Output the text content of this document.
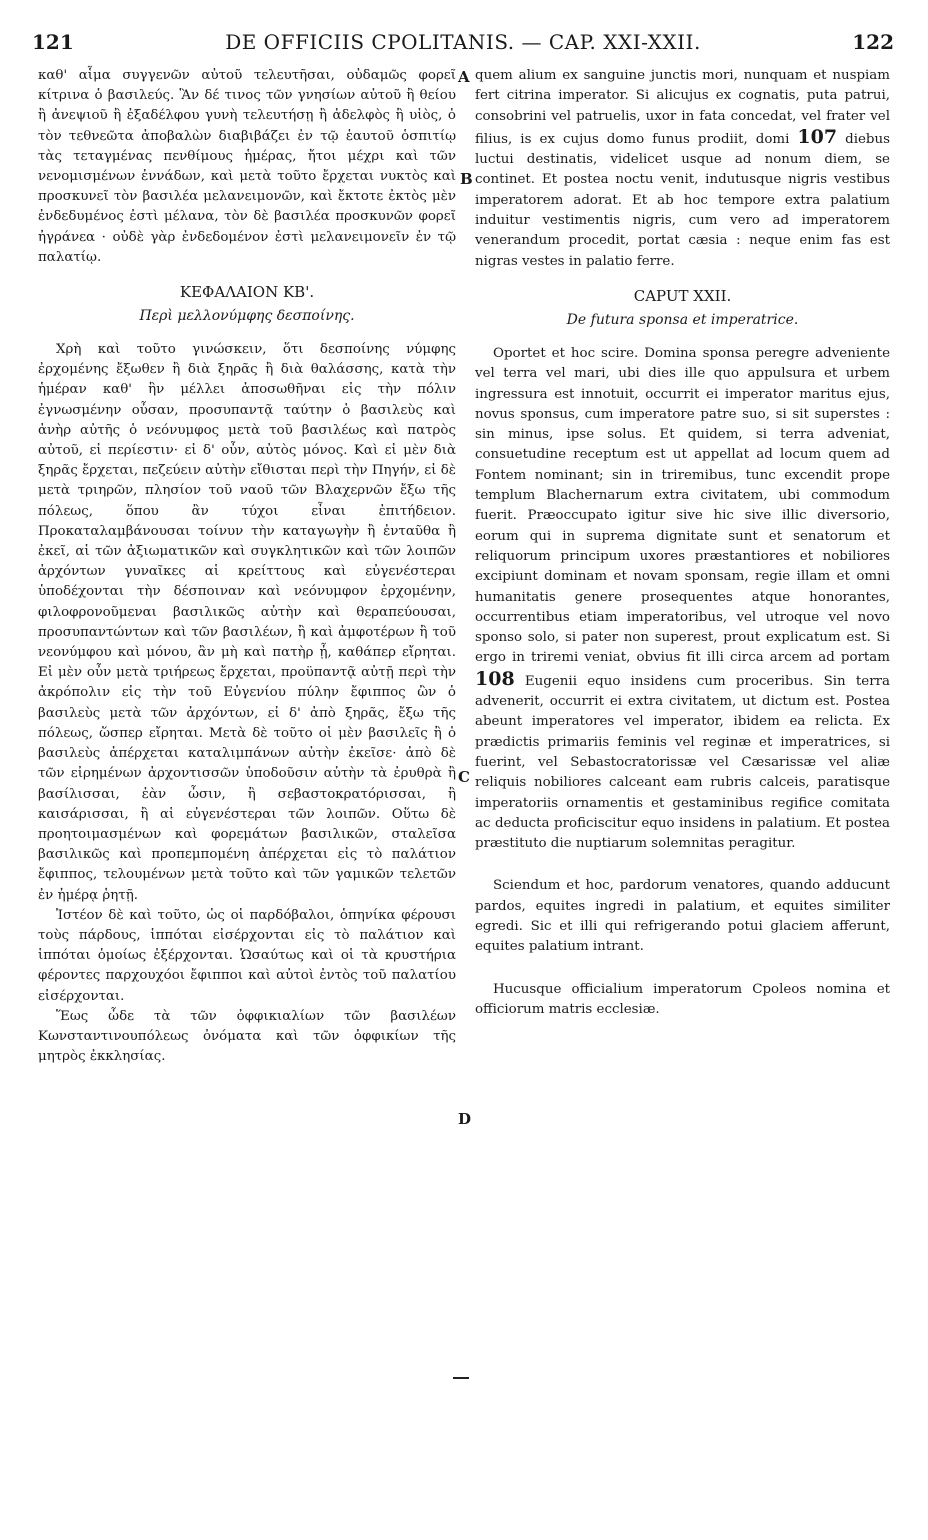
121	DE OFFICIIS CPOLITANIS. — CAP. XXI-XXII.	122

καθ' αἷμα συγγενῶν αὐτοῦ τελευτῆσαι, οὐδαμῶς φορεῖ κίτρινα ὁ βασιλεύς. Ἂν δέ τινος τῶν γνησίων αὐτοῦ ἢ θείου ἢ ἀνεψιοῦ ἢ ἐξαδέλφου γυνὴ τελευτήσῃ ἢ ἀδελφὸς ἢ υἱὸς, ὁ τὸν τεθνεῶτα ἀποβαλὼν διαβιβάζει ἐν τῷ ἑαυτοῦ ὁσπιτίῳ τὰς τεταγμένας πενθίμους ἡμέρας, ἤτοι μέχρι καὶ τῶν νενομισμένων ἐννάδων, καὶ μετὰ τοῦτο ἔρχεται νυκτὸς καὶ προσκυνεῖ τὸν βασιλέα μελανειμονῶν, καὶ ἔκτοτε ἐκτὸς μὲν ἐνδεδυμένος ἐστὶ μέλανα, τὸν δὲ βασιλέα προσκυνῶν φορεῖ ἠγράνεα · οὐδὲ γὰρ ἐνδεδομένον ἐστὶ μελανειμονεῖν ἐν τῷ παλατίῳ.

ΚΕΦΑΛΑΙΟΝ ΚΒ'.
Περὶ μελλονύμφης δεσποίνης.

Χρὴ καὶ τοῦτο γινώσκειν, ὅτι δεσποίνης νύμφης ἐρχομένης ἔξωθεν ἢ διὰ ξηρᾶς ἢ διὰ θαλάσσης, κατὰ τὴν ἡμέραν καθ' ἣν μέλλει ἀποσωθῆναι εἰς τὴν πόλιν ἐγνωσμένην οὖσαν, προσυπαντᾷ ταύτην ὁ βασιλεὺς καὶ ἀνὴρ αὐτῆς ὁ νεόνυμφος μετὰ τοῦ βασιλέως καὶ πατρὸς αὐτοῦ, εἰ περίεστιν· εἰ δ' οὖν, αὐτὸς μόνος. Καὶ εἰ μὲν διὰ ξηρᾶς ἔρχεται, πεζεύειν αὐτὴν εἴθισται περὶ τὴν Πηγήν, εἰ δὲ μετὰ τριηρῶν, πλησίον τοῦ ναοῦ τῶν Βλαχερνῶν ἔξω τῆς πόλεως, ὅπου ἂν τύχοι εἶναι ἐπιτήδειον. Προκαταλαμβάνουσαι τοίνυν τὴν καταγωγὴν ἢ ἐνταῦθα ἢ ἐκεῖ, αἱ τῶν ἀξιωματικῶν καὶ συγκλητικῶν καὶ τῶν λοιπῶν ἀρχόντων γυναῖκες αἱ κρείττους καὶ εὐγενέστεραι ὑποδέχονται τὴν δέσποιναν καὶ νεόνυμφον ἐρχομένην, φιλοφρονοῦμεναι βασιλικῶς αὐτὴν καὶ θεραπεύουσαι, προσυπαντώντων καὶ τῶν βασιλέων, ἢ καὶ ἀμφοτέρων ἢ τοῦ νεονύμφου καὶ μόνου, ἂν μὴ καὶ πατὴρ ᾖ, καθάπερ εἴρηται. Εἰ μὲν οὖν μετὰ τριήρεως ἔρχεται, προϋπαντᾷ αὐτῇ περὶ τὴν ἀκρόπολιν εἰς τὴν τοῦ Εὐγενίου πύλην ἔφιππος ὢν ὁ βασιλεὺς μετὰ τῶν ἀρχόντων, εἰ δ' ἀπὸ ξηρᾶς, ἔξω τῆς πόλεως, ὥσπερ εἴρηται. Μετὰ δὲ τοῦτο οἱ μὲν βασιλεῖς ἢ ὁ βασιλεὺς ἀπέρχεται καταλιμπάνων αὐτὴν ἐκεῖσε· ἀπὸ δὲ τῶν εἰρημένων ἀρχοντισσῶν ὑποδοῦσιν αὐτὴν τὰ ἐρυθρὰ ἢ βασίλισσαι, ἐὰν ὦσιν, ἢ σεβαστοκρατόρισσαι, ἢ καισάρισσαι, ἢ αἱ εὐγενέστεραι τῶν λοιπῶν. Οὕτω δὲ προητοιμασμένων καὶ φορεμάτων βασιλικῶν, σταλεῖσα βασιλικῶς καὶ προπεμπομένη ἀπέρχεται εἰς τὸ παλάτιον ἔφιππος, τελουμένων μετὰ τοῦτο καὶ τῶν γαμικῶν τελετῶν ἐν ἡμέρᾳ ῥητῇ.

Ἰστέον δὲ καὶ τοῦτο, ὡς οἱ παρδόβαλοι, ὁπηνίκα φέρουσι τοὺς πάρδους, ἱππόται εἰσέρχονται εἰς τὸ παλάτιον καὶ ἱππόται ὁμοίως ἐξέρχονται. Ὡσαύτως καὶ οἱ τὰ κρυστήρια φέροντες παρχουχόοι ἔφιπποι καὶ αὐτοὶ ἐντὸς τοῦ παλατίου εἰσέρχονται.

Ἕως ὧδε τὰ τῶν ὀφφικιαλίων τῶν βασιλέων Κωνσταντινουπόλεως ὀνόματα καὶ τῶν ὀφφικίων τῆς μητρὸς ἐκκλησίας.

A
B
C
D

quem alium ex sanguine junctis mori, nunquam et nuspiam fert citrina imperator. Si alicujus ex cognatis, puta patrui, consobrini vel patruelis, uxor in fata concedat, vel frater vel filius, is ex cujus domo funus prodiit, domi 107 diebus luctui destinatis, videlicet usque ad nonum diem, se continet. Et postea noctu venit, indutusque nigris vestibus imperatorem adorat. Et ab hoc tempore extra palatium induitur vestimentis nigris, cum vero ad imperatorem venerandum procedit, portat cæsia : neque enim fas est nigras vestes in palatio ferre.

CAPUT XXII.
De futura sponsa et imperatrice.

Oportet et hoc scire. Domina sponsa peregre adveniente vel terra vel mari, ubi dies ille quo appulsura et urbem ingressura est innotuit, occurrit ei imperator maritus ejus, novus sponsus, cum imperatore patre suo, si sit superstes : sin minus, ipse solus. Et quidem, si terra adveniat, consuetudine receptum est ut appellat ad locum quem ad Fontem nominant; sin in triremibus, tunc excendit prope templum Blachernarum extra civitatem, ubi commodum fuerit. Præoccupato igitur sive hic sive illic diversorio, eorum qui in suprema dignitate sunt et senatorum et reliquorum principum uxores præstantiores et nobiliores excipiunt dominam et novam sponsam, regie illam et omni humanitatis genere prosequentes atque honorantes, occurrentibus etiam imperatoribus, vel utroque vel novo sponso solo, si pater non superest, prout explicatum est. Si ergo in triremi veniat, obvius fit illi circa arcem ad portam 108 Eugenii equo insidens cum proceribus. Sin terra advenerit, occurrit ei extra civitatem, ut dictum est. Postea abeunt imperatores vel imperator, ibidem ea relicta. Ex prædictis primariis feminis vel reginæ et imperatrices, si fuerint, vel Sebastocratorissæ vel Cæsarissæ vel aliæ reliquis nobiliores calceant eam rubris calceis, paratisque imperatoriis ornamentis et gestaminibus regifice comitata ac deducta proficiscitur equo insidens in palatium. Et postea præstituto die nuptiarum solemnitas peragitur.

Sciendum et hoc, pardorum venatores, quando adducunt pardos, equites ingredi in palatium, et equites similiter egredi. Sic et illi qui refrigerando potui glaciem afferunt, equites palatium intrant.

Hucusque officialium imperatorum Cpoleos nomina et officiorum matris ecclesiæ.
